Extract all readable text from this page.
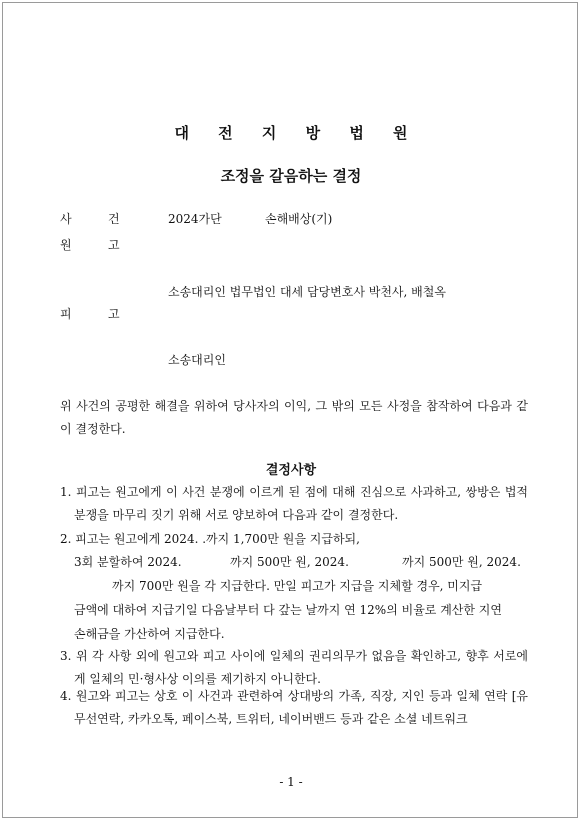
대 전 지 방 법 원
조정을 갈음하는 결정
사	건	2024가단	손해배상(기)
원	고
소송대리인 법무법인 대세 담당변호사 박천사, 배철옥
피	고
소송대리인
위 사건의 공평한 해결을 위하여 당사자의 이익, 그 밖의 모든 사정을 참작하여 다음과 같이 결정한다.
결정사항
1. 피고는 원고에게 이 사건 분쟁에 이르게 된 점에 대해 진심으로 사과하고, 쌍방은 법적 분쟁을 마무리 짓기 위해 서로 양보하여 다음과 같이 결정한다.
2. 피고는 원고에게 2024. .까지 1,700만 원을 지급하되,
3회 분할하여 2024.	까지 500만 원, 2024.	까지 500만 원, 2024.
까지 700만 원을 각 지급한다. 만일 피고가 지급을 지체할 경우, 미지급
금액에 대하여 지급기일 다음날부터 다 갚는 날까지 연 12%의 비율로 계산한 지연
손해금을 가산하여 지급한다.
3. 위 각 사항 외에 원고와 피고 사이에 일체의 권리의무가 없음을 확인하고, 향후 서로에게 일체의 민·형사상 이의를 제기하지 아니한다.
4. 원고와 피고는 상호 이 사건과 관련하여 상대방의 가족, 직장, 지인 등과 일체 연락 [유무선연락, 카카오톡, 페이스북, 트위터, 네이버밴드 등과 같은 소셜 네트워크
- 1 -
